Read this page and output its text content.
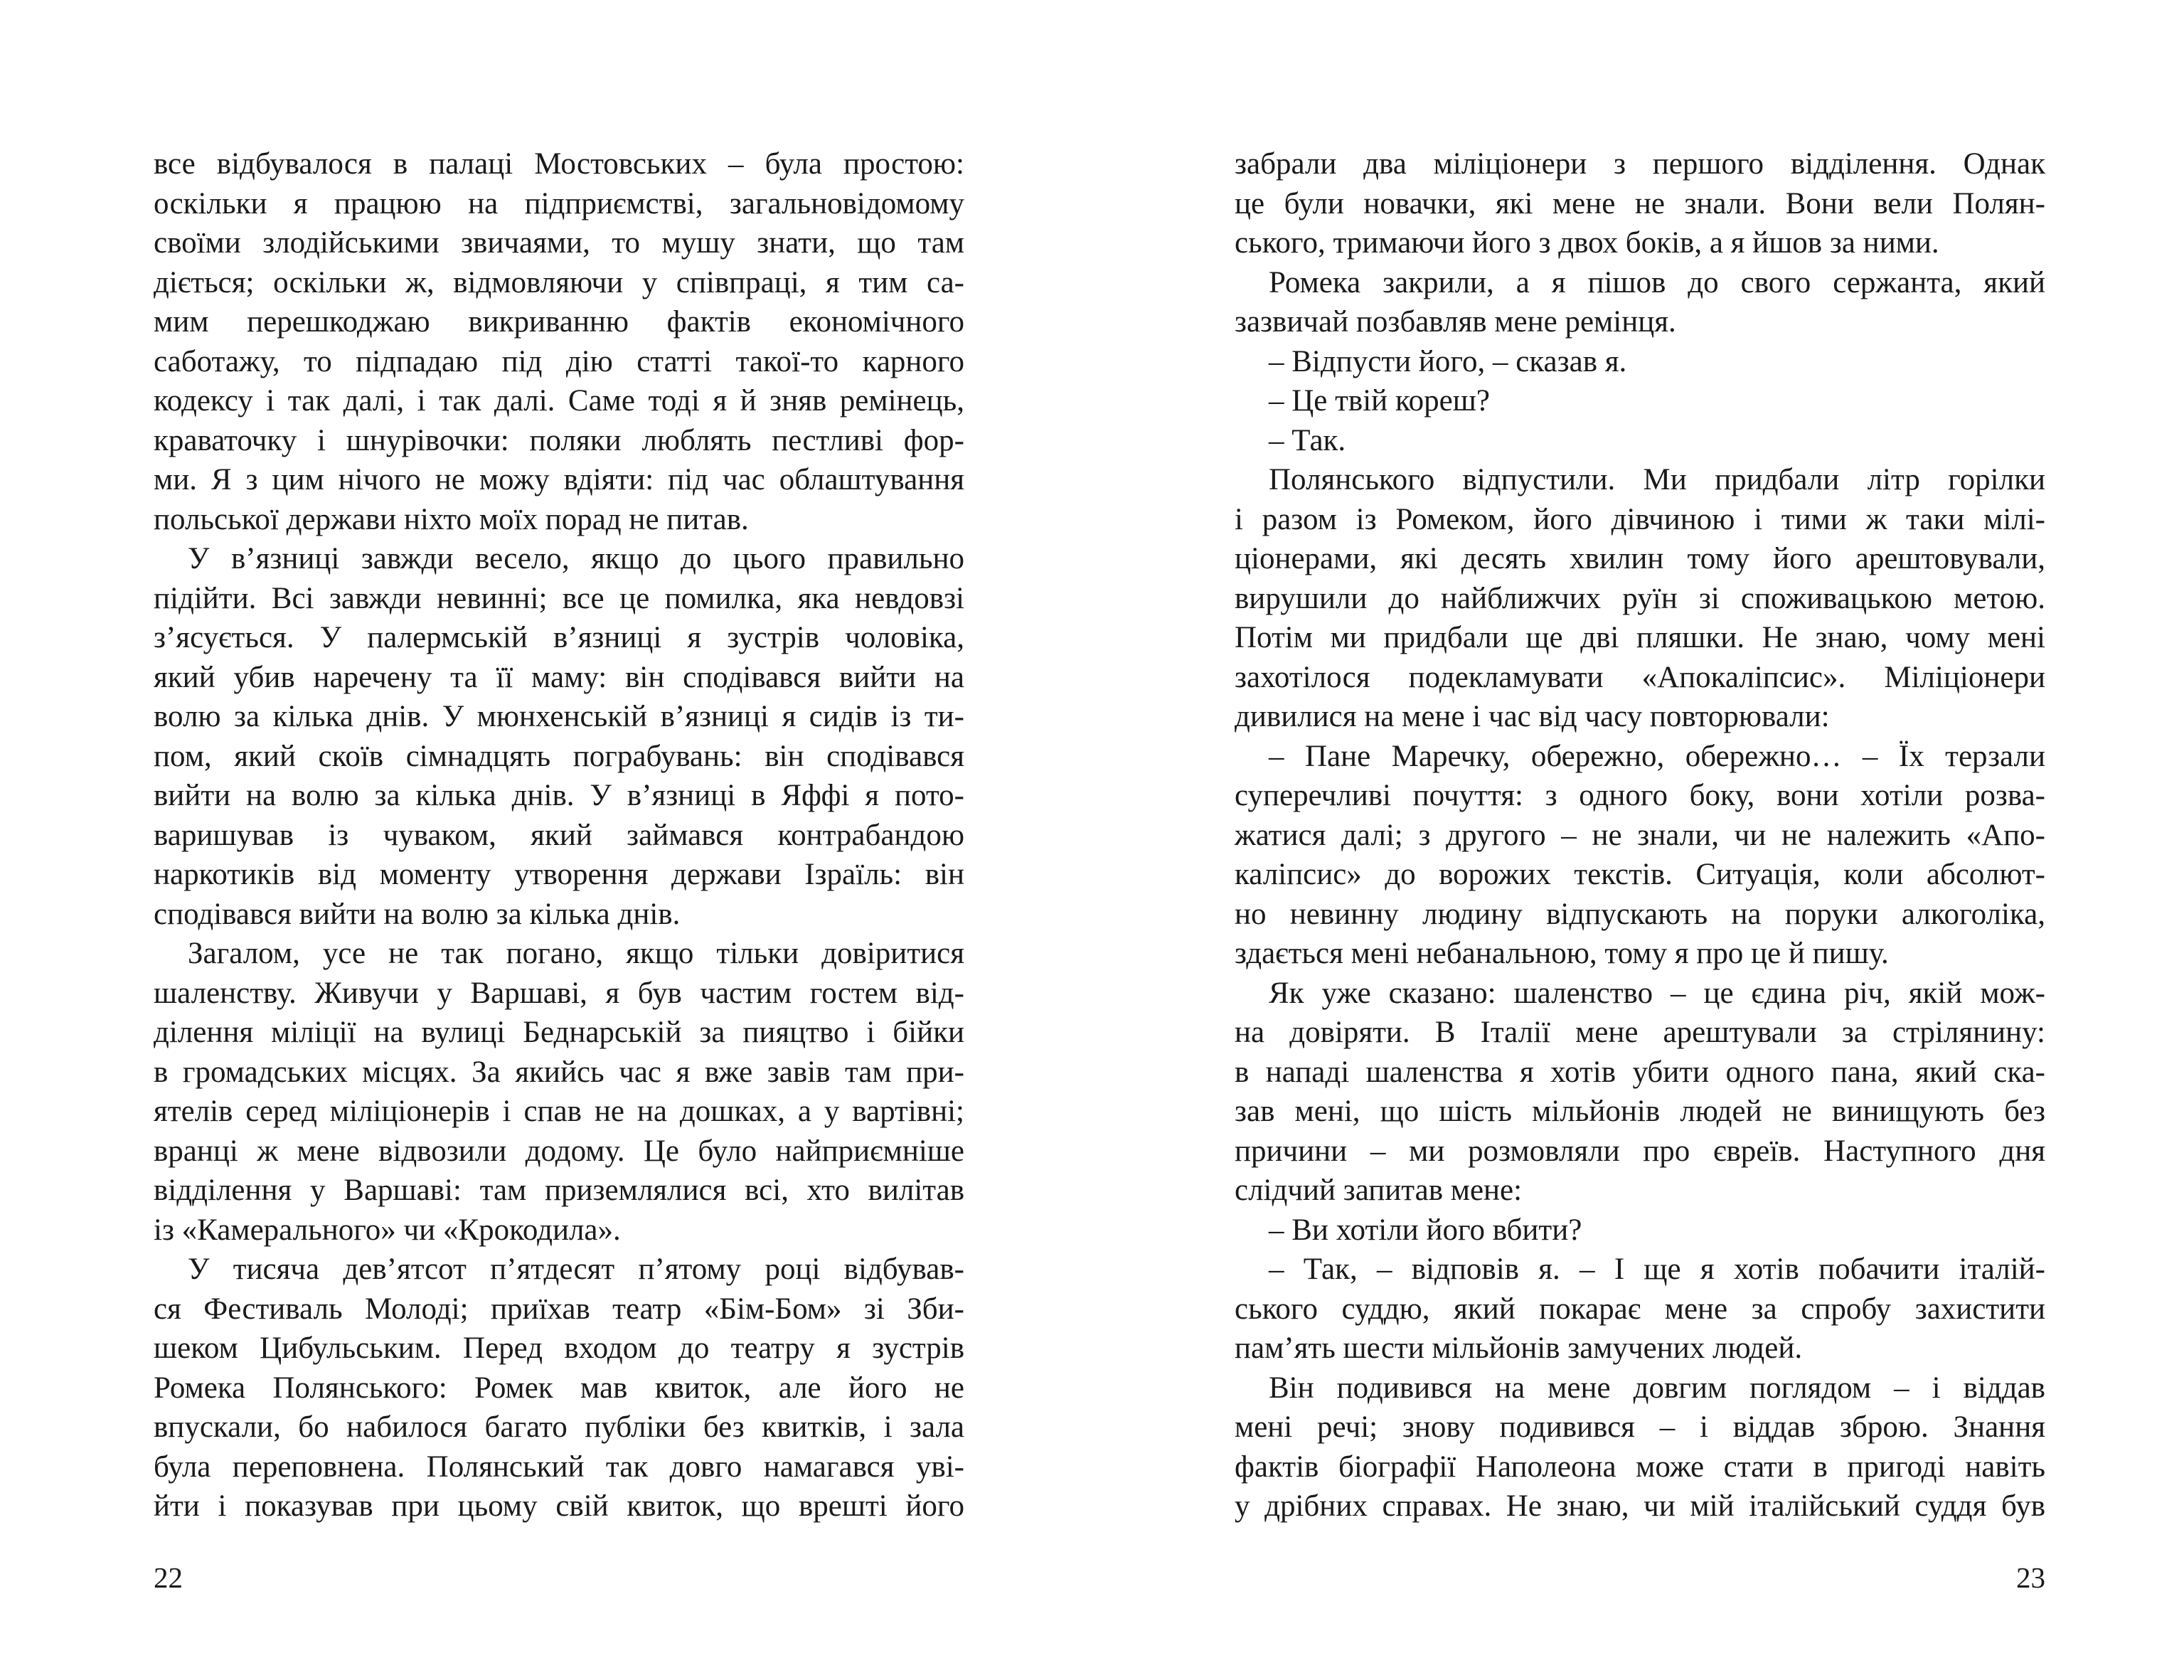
все відбувалося в палаці Мостовських – була простою:
оскільки я працюю на підприємстві, загальновідомому
своїми злодійськими звичаями, то мушу знати, що там
діється; оскільки ж, відмовляючи у співпраці, я тим са-
мим перешкоджаю викриванню фактів економічного
саботажу, то підпадаю під дію статті такої-то карного
кодексу і так далі, і так далі. Саме тоді я й зняв ремінець,
краваточку і шнурівочки: поляки люблять пестливі фор-
ми. Я з цим нічого не можу вдіяти: під час облаштування
польської держави ніхто моїх порад не питав.
У в’язниці завжди весело, якщо до цього правильно
підійти. Всі завжди невинні; все це помилка, яка невдовзі
з’ясується. У палермській в’язниці я зустрів чоловіка,
який убив наречену та її маму: він сподівався вийти на
волю за кілька днів. У мюнхенській в’язниці я сидів із ти-
пом, який скоїв сімнадцять пограбувань: він сподівався
вийти на волю за кілька днів. У в’язниці в Яффі я пото-
варишував із чуваком, який займався контрабандою
наркотиків від моменту утворення держави Ізраїль: він
сподівався вийти на волю за кілька днів.
Загалом, усе не так погано, якщо тільки довіритися
шаленству. Живучи у Варшаві, я був частим гостем від-
ділення міліції на вулиці Беднарській за пияцтво і бійки
в громадських місцях. За якийсь час я вже завів там при-
ятелів серед міліціонерів і спав не на дошках, а у вартівні;
вранці ж мене відвозили додому. Це було найприємніше
відділення у Варшаві: там приземлялися всі, хто вилітав
із «Камерального» чи «Крокодила».
У тисяча дев’ятсот п’ятдесят п’ятому році відбував-
ся Фестиваль Молоді; приїхав театр «Бім-Бом» зі Зби-
шеком Цибульським. Перед входом до театру я зустрів
Ромека Полянського: Ромек мав квиток, але його не
впускали, бо набилося багато публіки без квитків, і зала
була переповнена. Полянський так довго намагався уві-
йти і показував при цьому свій квиток, що врешті його
22
забрали два міліціонери з першого відділення. Однак
це були новачки, які мене не знали. Вони вели Полян-
ського, тримаючи його з двох боків, а я йшов за ними.
Ромека закрили, а я пішов до свого сержанта, який
зазвичай позбавляв мене ремінця.
– Відпусти його, – сказав я.
– Це твій кореш?
– Так.
Полянського відпустили. Ми придбали літр горілки
і разом із Ромеком, його дівчиною і тими ж таки мілі-
ціонерами, які десять хвилин тому його арештовували,
вирушили до найближчих руїн зі споживацькою метою.
Потім ми придбали ще дві пляшки. Не знаю, чому мені
захотілося подекламувати «Апокаліпсис». Міліціонери
дивилися на мене і час від часу повторювали:
– Пане Маречку, обережно, обережно… – Їх терзали
суперечливі почуття: з одного боку, вони хотіли розва-
жатися далі; з другого – не знали, чи не належить «Апо-
каліпсис» до ворожих текстів. Ситуація, коли абсолют-
но невинну людину відпускають на поруки алкоголіка,
здається мені небанальною, тому я про це й пишу.
Як уже сказано: шаленство – це єдина річ, якій мож-
на довіряти. В Італії мене арештували за стрілянину:
в нападі шаленства я хотів убити одного пана, який ска-
зав мені, що шість мільйонів людей не винищують без
причини – ми розмовляли про євреїв. Наступного дня
слідчий запитав мене:
– Ви хотіли його вбити?
– Так, – відповів я. – І ще я хотів побачити італій-
ського суддю, який покарає мене за спробу захистити
пам’ять шести мільйонів замучених людей.
Він подивився на мене довгим поглядом – і віддав
мені речі; знову подивився – і віддав зброю. Знання
фактів біографії Наполеона може стати в пригоді навіть
у дрібних справах. Не знаю, чи мій італійський суддя був
23
